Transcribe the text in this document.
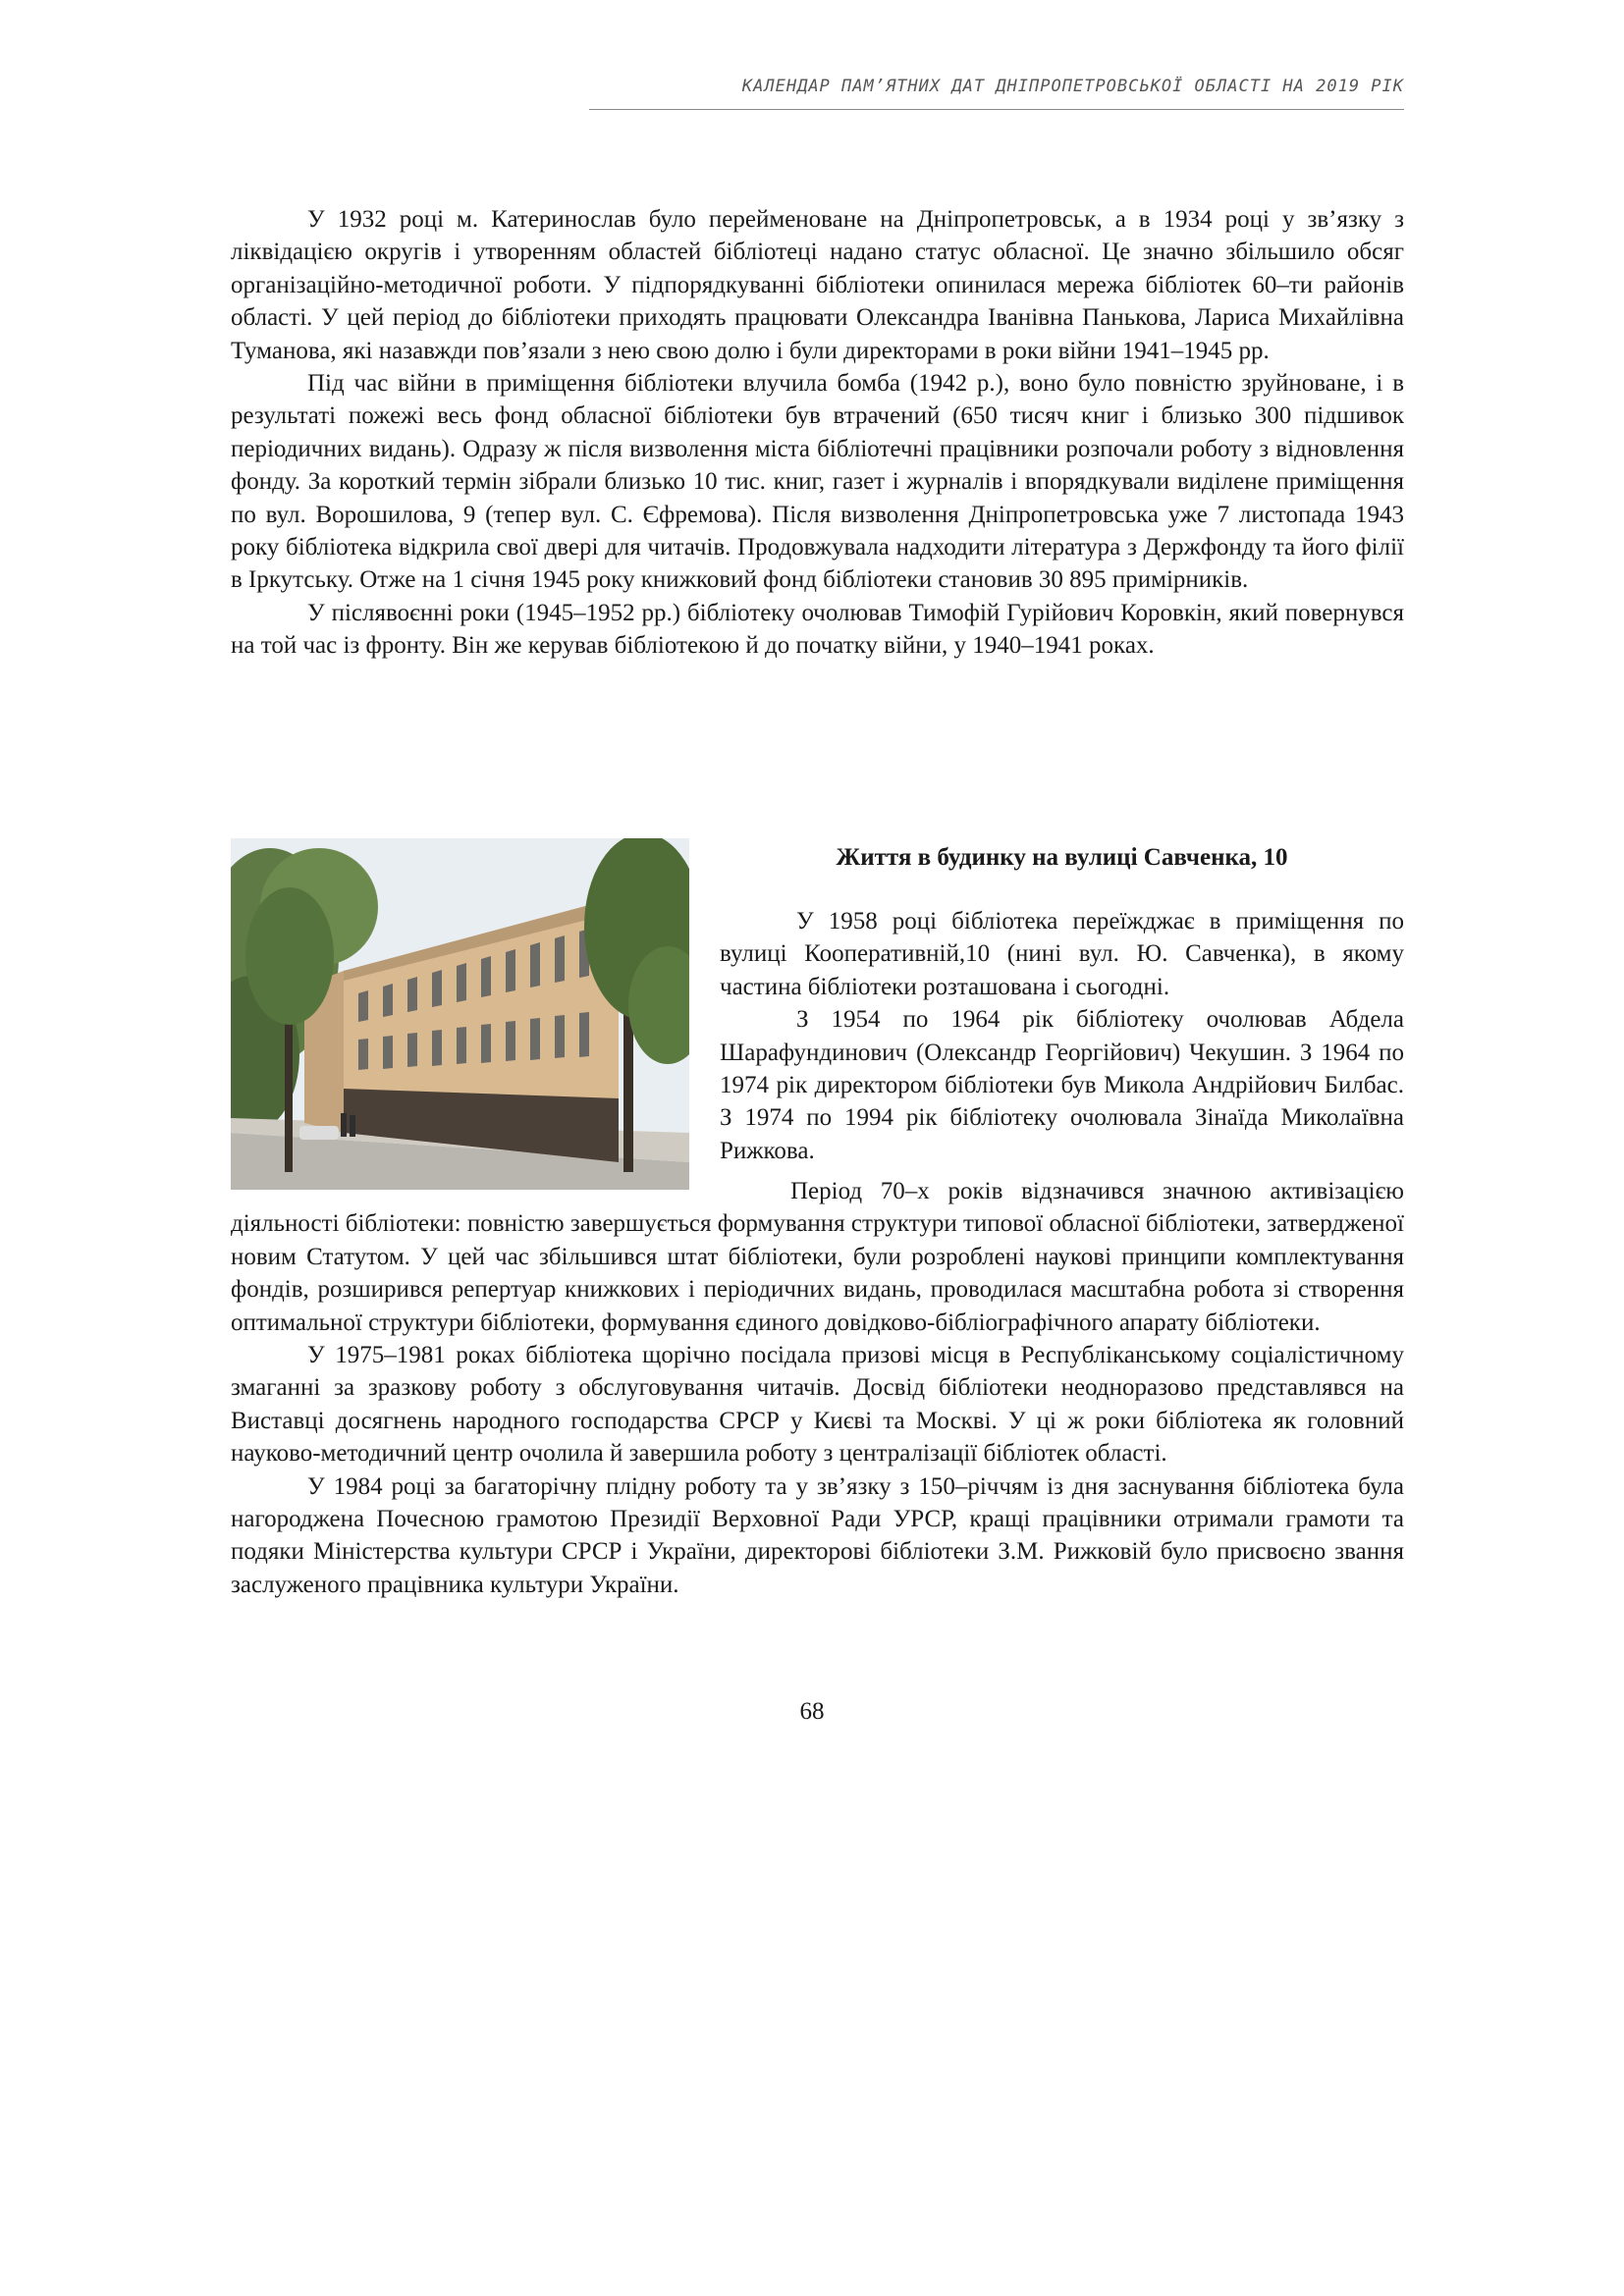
КАЛЕНДАР ПАМ’ЯТНИХ ДАТ ДНІПРОПЕТРОВСЬКОЇ ОБЛАСТІ НА 2019 РІК

У 1932 році м. Катеринослав було перейменоване на Дніпропетровськ, а в 1934 році у зв’язку з ліквідацією округів і утворенням областей бібліотеці надано статус обласної. Це значно збільшило обсяг організаційно-методичної роботи. У підпорядкуванні бібліотеки опинилася мережа бібліотек 60–ти районів області. У цей період до бібліотеки приходять працювати Олександра Іванівна Панькова, Лариса Михайлівна Туманова, які назавжди пов’язали з нею свою долю і були директорами в роки війни 1941–1945 рр.

Під час війни в приміщення бібліотеки влучила бомба (1942 р.), воно було повністю зруйноване, і в результаті пожежі весь фонд обласної бібліотеки був втрачений (650 тисяч книг і близько 300 підшивок періодичних видань). Одразу ж після визволення міста бібліотечні працівники розпочали роботу з відновлення фонду. За короткий термін зібрали близько 10 тис. книг, газет і журналів і впорядкували виділене приміщення по вул. Ворошилова, 9 (тепер вул. С. Єфремова). Після визволення Дніпропетровська уже 7 листопада 1943 року бібліотека відкрила свої двері для читачів. Продовжувала надходити література з Держфонду та його філії в Іркутську. Отже на 1 січня 1945 року книжковий фонд бібліотеки становив 30 895 примірників.

У післявоєнні роки (1945–1952 рр.) бібліотеку очолював Тимофій Гурійович Коровкін, який повернувся на той час із фронту. Він же керував бібліотекою й до початку війни, у 1940–1941 роках.

Життя в будинку на вулиці Савченка, 10

У 1958 році бібліотека переїжджає в приміщення по вулиці Кооперативній,10 (нині вул. Ю. Савченка), в якому частина бібліотеки розташована і сьогодні.

З 1954 по 1964 рік бібліотеку очолював Абдела Шарафундинович (Олександр Георгійович) Чекушин. З 1964 по 1974 рік директором бібліотеки був Микола Андрійович Билбас. З 1974 по 1994 рік бібліотеку очолювала Зінаїда Миколаївна Рижкова.

Період 70–х років відзначився значною активізацією діяльності бібліотеки: повністю завершується формування структури типової обласної бібліотеки, затвердженої новим Статутом. У цей час збільшився штат бібліотеки, були розроблені наукові принципи комплектування фондів, розширився репертуар книжкових і періодичних видань, проводилася масштабна робота зі створення оптимальної структури бібліотеки, формування єдиного довідково-бібліографічного апарату бібліотеки.

У 1975–1981 роках бібліотека щорічно посідала призові місця в Республіканському соціалістичному змаганні за зразкову роботу з обслуговування читачів. Досвід бібліотеки неодноразово представлявся на Виставці досягнень народного господарства СРСР у Києві та Москві. У ці ж роки бібліотека як головний науково-методичний центр очолила й завершила роботу з централізації бібліотек області.

У 1984 році за багаторічну плідну роботу та у зв’язку з 150–річчям із дня заснування бібліотека була нагороджена Почесною грамотою Президії Верховної Ради УРСР, кращі працівники отримали грамоти та подяки Міністерства культури СРСР і України, директорові бібліотеки З.М. Рижковій було присвоєно звання заслуженого працівника культури України.

68
